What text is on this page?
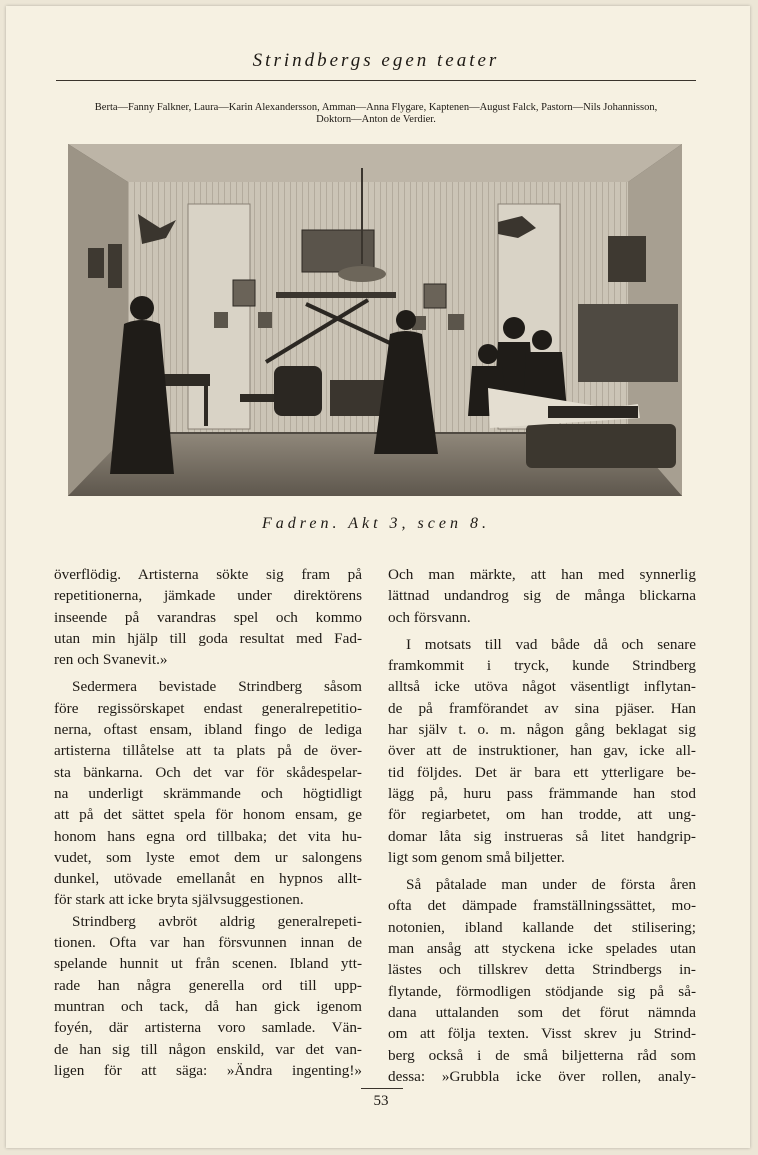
Strindbergs egen teater
Berta—Fanny Falkner, Laura—Karin Alexandersson, Amman—Anna Flygare, Kaptenen—August Falck, Pastorn—Nils Johannisson, Doktorn—Anton de Verdier.
Fadren. Akt 3, scen 8.
överflödig. Artisterna sökte sig fram på
repetitionerna, jämkade under direktörens
inseende på varandras spel och kommo
utan min hjälp till goda resultat med Fad-
ren och Svanevit.»
Sedermera bevistade Strindberg såsom
före regissörskapet endast generalrepetitio-
nerna, oftast ensam, ibland fingo de lediga
artisterna tillåtelse att ta plats på de över-
sta bänkarna. Och det var för skådespelar-
na underligt skrämmande och högtidligt
att på det sättet spela för honom ensam, ge
honom hans egna ord tillbaka; det vita hu-
vudet, som lyste emot dem ur salongens
dunkel, utövade emellanåt en hypnos allt-
för stark att icke bryta självsuggestionen.
Strindberg avbröt aldrig generalrepeti-
tionen. Ofta var han försvunnen innan de
spelande hunnit ut från scenen. Ibland ytt-
rade han några generella ord till upp-
muntran och tack, då han gick igenom
foyén, där artisterna voro samlade. Vän-
de han sig till någon enskild, var det van-
ligen för att säga: »Ändra ingenting!»
Och man märkte, att han med synnerlig
lättnad undandrog sig de många blickarna
och försvann.
I motsats till vad både då och senare
framkommit i tryck, kunde Strindberg
alltså icke utöva något väsentligt inflytan-
de på framförandet av sina pjäser. Han
har själv t. o. m. någon gång beklagat sig
över att de instruktioner, han gav, icke all-
tid följdes. Det är bara ett ytterligare be-
lägg på, huru pass främmande han stod
för regiarbetet, om han trodde, att ung-
domar låta sig instrueras så litet handgrip-
ligt som genom små biljetter.
Så påtalade man under de första åren
ofta det dämpade framställningssättet, mo-
notonien, ibland kallande det stilisering;
man ansåg att styckena icke spelades utan
lästes och tillskrev detta Strindbergs in-
flytande, förmodligen stödjande sig på så-
dana uttalanden som det förut nämnda
om att följa texten. Visst skrev ju Strind-
berg också i de små biljetterna råd som
dessa: »Grubbla icke över rollen, analy-
53
